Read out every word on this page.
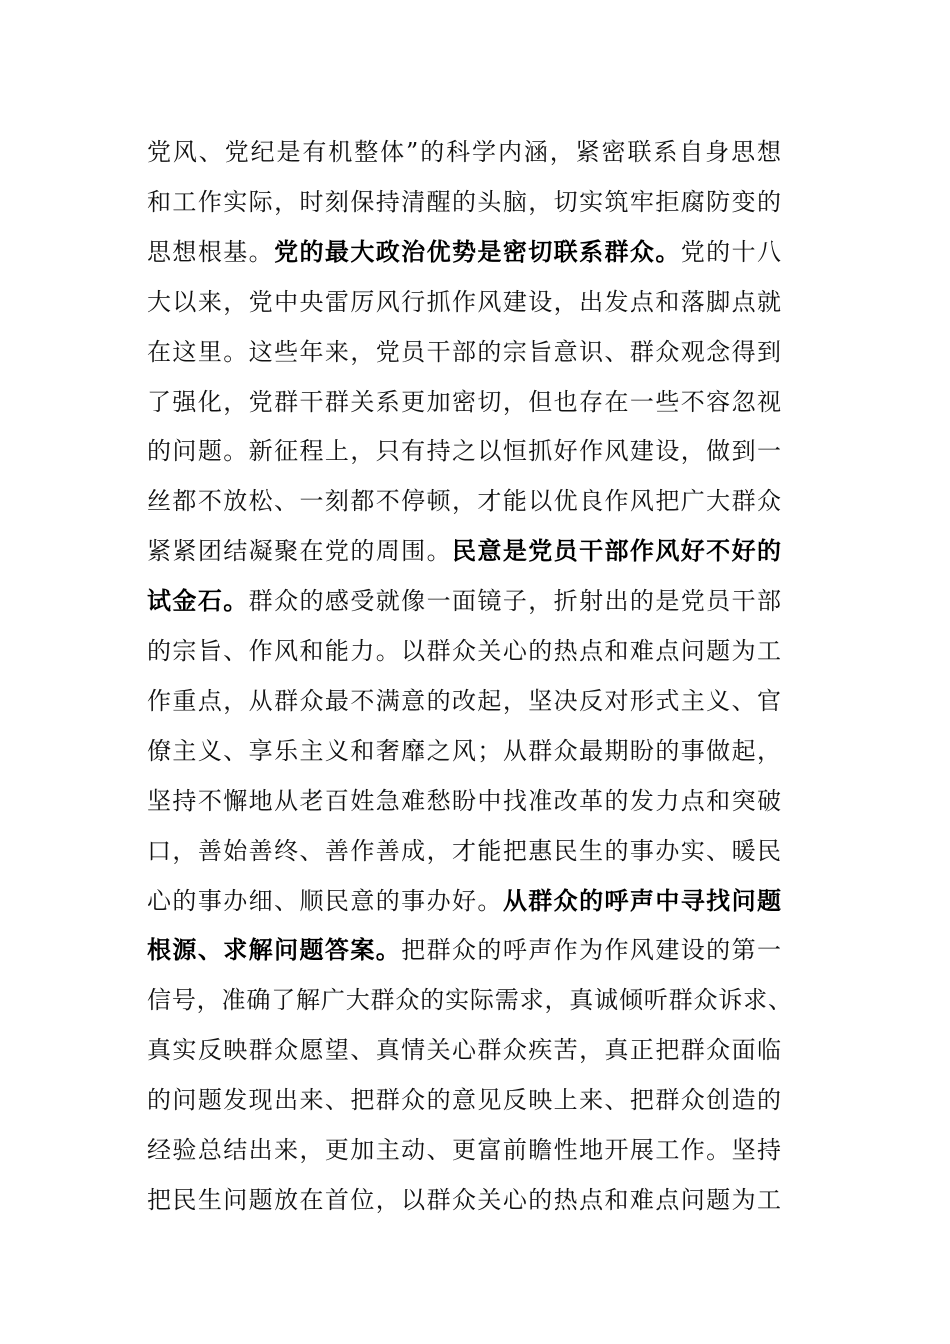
党风、党纪是有机整体”的科学内涵，紧密联系自身思想
和工作实际，时刻保持清醒的头脑，切实筑牢拒腐防变的
思想根基。党的最大政治优势是密切联系群众。党的十八
大以来，党中央雷厉风行抓作风建设，出发点和落脚点就
在这里。这些年来，党员干部的宗旨意识、群众观念得到
了强化，党群干群关系更加密切，但也存在一些不容忽视
的问题。新征程上，只有持之以恒抓好作风建设，做到一
丝都不放松、一刻都不停顿，才能以优良作风把广大群众
紧紧团结凝聚在党的周围。民意是党员干部作风好不好的
试金石。群众的感受就像一面镜子，折射出的是党员干部
的宗旨、作风和能力。以群众关心的热点和难点问题为工
作重点，从群众最不满意的改起，坚决反对形式主义、官
僚主义、享乐主义和奢靡之风；从群众最期盼的事做起，
坚持不懈地从老百姓急难愁盼中找准改革的发力点和突破
口，善始善终、善作善成，才能把惠民生的事办实、暖民
心的事办细、顺民意的事办好。从群众的呼声中寻找问题
根源、求解问题答案。把群众的呼声作为作风建设的第一
信号，准确了解广大群众的实际需求，真诚倾听群众诉求、
真实反映群众愿望、真情关心群众疾苦，真正把群众面临
的问题发现出来、把群众的意见反映上来、把群众创造的
经验总结出来，更加主动、更富前瞻性地开展工作。坚持
把民生问题放在首位，以群众关心的热点和难点问题为工
